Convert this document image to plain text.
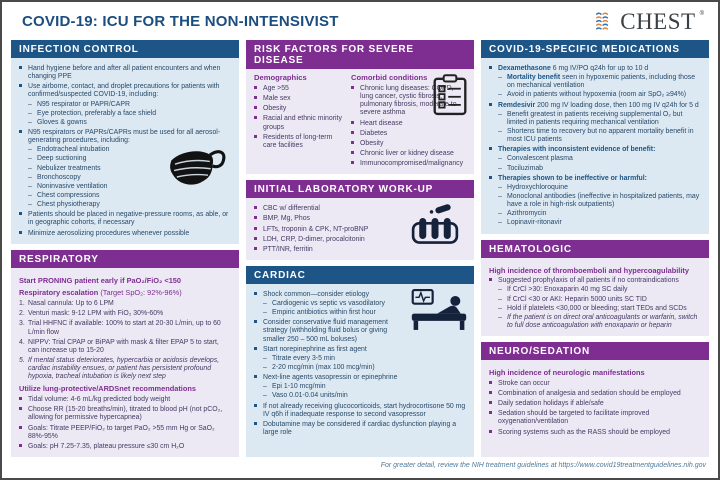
COVID-19: ICU FOR THE NON-INTENSIVIST	CHEST ®
INFECTION CONTROL
Hand hygiene before and after all patient encounters and when changing PPE
Use airborne, contact, and droplet precautions for patients with confirmed/suspected COVID-19, including:
– N95 respirator or PAPR/CAPR
– Eye protection, preferably a face shield
– Gloves & gowns
N95 respirators or PAPRs/CAPRs must be used for all aerosol-generating procedures, including:
– Endotracheal intubation
– Deep suctioning
– Nebulizer treatments
– Bronchoscopy
– Noninvasive ventilation
– Chest compressions
– Chest physiotherapy
Patients should be placed in negative-pressure rooms, as able, or in geographic cohorts, if necessary
Minimize aerosolizing procedures whenever possible
RESPIRATORY
Start PRONING patient early if PaO₂/FiO₂ <150
Respiratory escalation (Target SpO₂: 92%-96%)
1. Nasal cannula: Up to 6 LPM
2. Venturi mask: 9-12 LPM with FiO₂ 30%-60%
3. Trial HHFNC if available: 100% to start at 20-30 L/min, up to 60 L/min flow
4. NIPPV: Trial CPAP or BiPAP with mask & filter EPAP 5 to start, can increase up to 15-20
5. If mental status deteriorates, hypercarbia or acidosis develops, cardiac instability ensues, or patient has persistent profound hypoxia, tracheal intubation is likely next step
Utilize lung-protective/ARDSnet recommendations
Tidal volume: 4-6 mL/kg predicted body weight
Choose RR (15-20 breaths/min), titrated to blood pH (not pCO₂, allowing for permissive hypercapnea)
Goals: Titrate PEEP/FiO₂ to target PaO₂ >55 mm Hg or SaO₂ 88%-95%
Goals: pH 7.25-7.35, plateau pressure ≤30 cm H₂O
RISK FACTORS FOR SEVERE DISEASE
Demographics
Age >55
Male sex
Obesity
Racial and ethnic minority groups
Residents of long-term care facilities
Comorbid conditions
Chronic lung diseases: COPD, lung cancer, cystic fibrosis, pulmonary fibrosis, moderate to severe asthma
Heart disease
Diabetes
Obesity
Chronic liver or kidney disease
Immunocompromised/malignancy
INITIAL LABORATORY WORK-UP
CBC w/ differential
BMP, Mg, Phos
LFTs, troponin & CPK, NT-proBNP
LDH, CRP, D-dimer, procalcitonin
PTT/INR, ferritin
CARDIAC
Shock common—consider etiology
– Cardiogenic vs septic vs vasodilatory
– Empiric antibiotics within first hour
Consider conservative fluid management strategy (withholding fluid bolus or giving smaller 250 – 500 mL boluses)
Start norepinephrine as first agent
– Titrate every 3-5 min
– 2-20 mcg/min (max 100 mcg/min)
Next-line agents vasopressin or epinephrine
– Epi 1-10 mcg/min
– Vaso 0.01-0.04 units/min
If not already receiving glucocorticoids, start hydrocortisone 50 mg IV q6h if inadequate response to second vasopressor
Dobutamine may be considered if cardiac dysfunction playing a large role
COVID-19-SPECIFIC MEDICATIONS
Dexamethasone 6 mg IV/PO q24h for up to 10 d
– Mortality benefit seen in hypoxemic patients, including those on mechanical ventilation
– Avoid in patients without hypoxemia (room air SpO₂ ≥94%)
Remdesivir 200 mg IV loading dose, then 100 mg IV q24h for 5 d
– Benefit greatest in patients receiving supplemental O₂ but limited in patients requiring mechanical ventilation
– Shortens time to recovery but no apparent mortality benefit in most ICU patients
Therapies with inconsistent evidence of benefit:
– Convalescent plasma
– Tociluzimab
Therapies shown to be ineffective or harmful:
– Hydroxychloroquine
– Monoclonal antibodies (ineffective in hospitalized patients, may have a role in high-risk outpatients)
– Azithromycin
– Lopinavir-ritonavir
HEMATOLOGIC
High incidence of thromboemboli and hypercoagulability
Suggested prophylaxis of all patients if no contraindications
– If CrCl >30: Enoxaparin 40 mg SC daily
– If CrCl <30 or AKI: Heparin 5000 units SC TID
– Hold if platelets <30,000 or bleeding; start TEDs and SCDs
– If the patient is on direct oral anticoagulants or warfarin, switch to full dose anticoagulation with enoxaparin or heparin
NEURO/SEDATION
High incidence of neurologic manifestations
Stroke can occur
Combination of analgesia and sedation should be employed
Daily sedation holidays if able/safe
Sedation should be targeted to facilitate improved oxygenation/ventilation
Scoring systems such as the RASS should be employed
For greater detail, review the NIH treatment guidelines at https://www.covid19treatmentguidelines.nih.gov
